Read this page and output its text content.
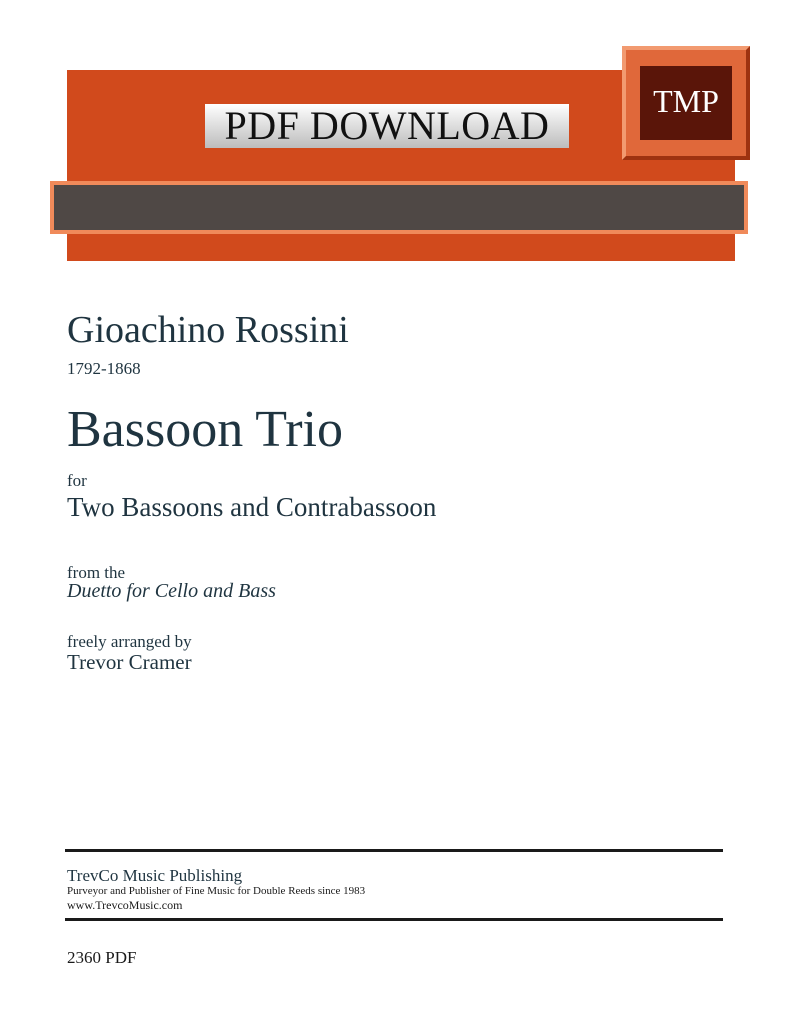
PDF DOWNLOAD
TMP
Gioachino Rossini
1792-1868
Bassoon Trio
for
Two Bassoons and Contrabassoon
from the
Duetto for Cello and Bass
freely arranged by
Trevor Cramer
TrevCo Music Publishing
Purveyor and Publisher of Fine Music for Double Reeds since 1983
www.TrevcoMusic.com
2360 PDF
